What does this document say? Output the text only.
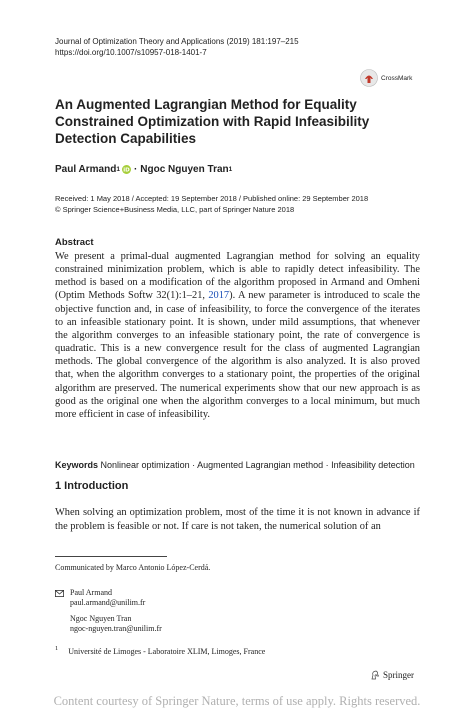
Journal of Optimization Theory and Applications (2019) 181:197–215
https://doi.org/10.1007/s10957-018-1401-7
CrossMark
An Augmented Lagrangian Method for Equality Constrained Optimization with Rapid Infeasibility Detection Capabilities
Paul Armand 1 iD · Ngoc Nguyen Tran 1
Received: 1 May 2018 / Accepted: 19 September 2018 / Published online: 29 September 2018
© Springer Science+Business Media, LLC, part of Springer Nature 2018
Abstract
We present a primal-dual augmented Lagrangian method for solving an equality constrained minimization problem, which is able to rapidly detect infeasibility. The method is based on a modification of the algorithm proposed in Armand and Omheni (Optim Methods Softw 32(1):1–21, 2017). A new parameter is introduced to scale the objective function and, in case of infeasibility, to force the convergence of the iterates to an infeasible stationary point. It is shown, under mild assumptions, that whenever the algorithm converges to an infeasible stationary point, the rate of convergence is quadratic. This is a new convergence result for the class of augmented Lagrangian methods. The global convergence of the algorithm is also analyzed. It is also proved that, when the algorithm converges to a stationary point, the properties of the original algorithm are preserved. The numerical experiments show that our new approach is as good as the original one when the algorithm converges to a local minimum, but much more efficient in case of infeasibility.
Keywords Nonlinear optimization · Augmented Lagrangian method · Infeasibility detection
1 Introduction
When solving an optimization problem, most of the time it is not known in advance if the problem is feasible or not. If care is not taken, the numerical solution of an
Communicated by Marco Antonio López-Cerdá.
Paul Armand
paul.armand@unilim.fr
Ngoc Nguyen Tran
ngoc-nguyen.tran@unilim.fr
$^1$ Université de Limoges - Laboratoire XLIM, Limoges, France
Springer
Content courtesy of Springer Nature, terms of use apply. Rights reserved.
